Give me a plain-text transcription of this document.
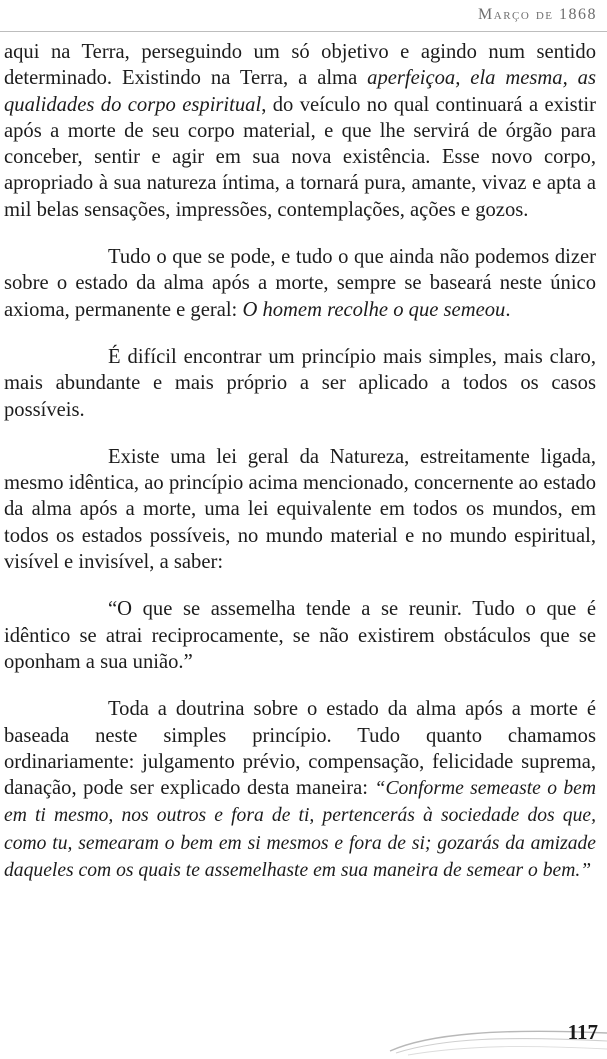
Março de 1868

aqui na Terra, perseguindo um só objetivo e agindo num sentido determinado. Existindo na Terra, a alma aperfeiçoa, ela mesma, as qualidades do corpo espiritual, do veículo no qual continuará a existir após a morte de seu corpo material, e que lhe servirá de órgão para conceber, sentir e agir em sua nova existência. Esse novo corpo, apropriado à sua natureza íntima, a tornará pura, amante, vivaz e apta a mil belas sensações, impressões, contemplações, ações e gozos.

Tudo o que se pode, e tudo o que ainda não podemos dizer sobre o estado da alma após a morte, sempre se baseará neste único axioma, permanente e geral: O homem recolhe o que semeou.

É difícil encontrar um princípio mais simples, mais claro, mais abundante e mais próprio a ser aplicado a todos os casos possíveis.

Existe uma lei geral da Natureza, estreitamente ligada, mesmo idêntica, ao princípio acima mencionado, concernente ao estado da alma após a morte, uma lei equivalente em todos os mundos, em todos os estados possíveis, no mundo material e no mundo espiritual, visível e invisível, a saber:

“O que se assemelha tende a se reunir. Tudo o que é idêntico se atrai reciprocamente, se não existirem obstáculos que se oponham a sua união.”

Toda a doutrina sobre o estado da alma após a morte é baseada neste simples princípio. Tudo quanto chamamos ordinariamente: julgamento prévio, compensação, felicidade suprema, danação, pode ser explicado desta maneira: “Conforme semeaste o bem em ti mesmo, nos outros e fora de ti, pertencerás à sociedade dos que, como tu, semearam o bem em si mesmos e fora de si; gozarás da amizade daqueles com os quais te assemelhaste em sua maneira de semear o bem.”

117
